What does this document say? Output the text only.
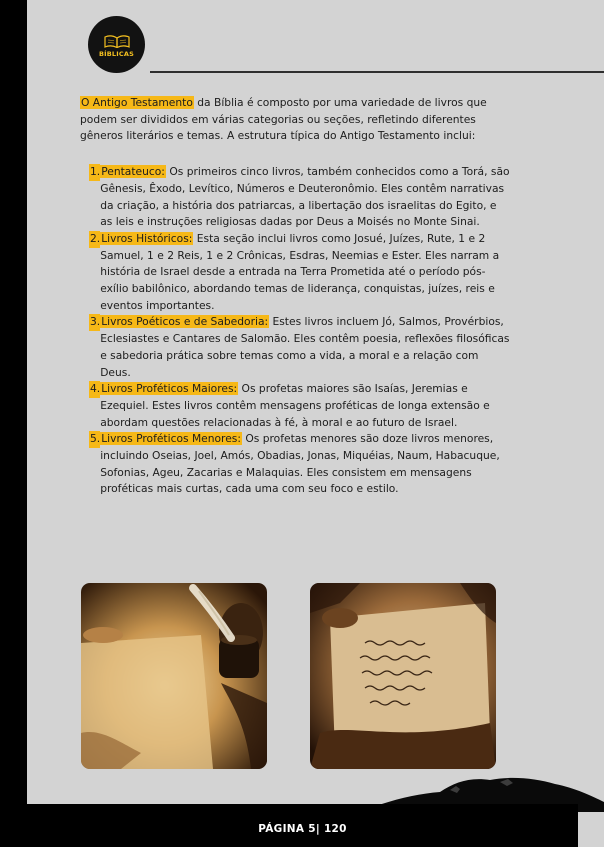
BÍBLICAS

O Antigo Testamento da Bíblia é composto por uma variedade de livros que podem ser divididos em várias categorias ou seções, refletindo diferentes gêneros literários e temas. A estrutura típica do Antigo Testamento inclui:

1. Pentateuco: Os primeiros cinco livros, também conhecidos como a Torá, são Gênesis, Êxodo, Levítico, Números e Deuteronômio. Eles contêm narrativas da criação, a história dos patriarcas, a libertação dos israelitas do Egito, e as leis e instruções religiosas dadas por Deus a Moisés no Monte Sinai.
2. Livros Históricos: Esta seção inclui livros como Josué, Juízes, Rute, 1 e 2 Samuel, 1 e 2 Reis, 1 e 2 Crônicas, Esdras, Neemias e Ester. Eles narram a história de Israel desde a entrada na Terra Prometida até o período pós-exílio babilônico, abordando temas de liderança, conquistas, juízes, reis e eventos importantes.
3. Livros Poéticos e de Sabedoria: Estes livros incluem Jó, Salmos, Provérbios, Eclesiastes e Cantares de Salomão. Eles contêm poesia, reflexões filosóficas e sabedoria prática sobre temas como a vida, a moral e a relação com Deus.
4. Livros Proféticos Maiores: Os profetas maiores são Isaías, Jeremias e Ezequiel. Estes livros contêm mensagens proféticas de longa extensão e abordam questões relacionadas à fé, à moral e ao futuro de Israel.
5. Livros Proféticos Menores: Os profetas menores são doze livros menores, incluindo Oseias, Joel, Amós, Obadias, Jonas, Miquéias, Naum, Habacuque, Sofonias, Ageu, Zacarias e Malaquias. Eles consistem em mensagens proféticas mais curtas, cada uma com seu foco e estilo.
PÁGINA 5| 120
